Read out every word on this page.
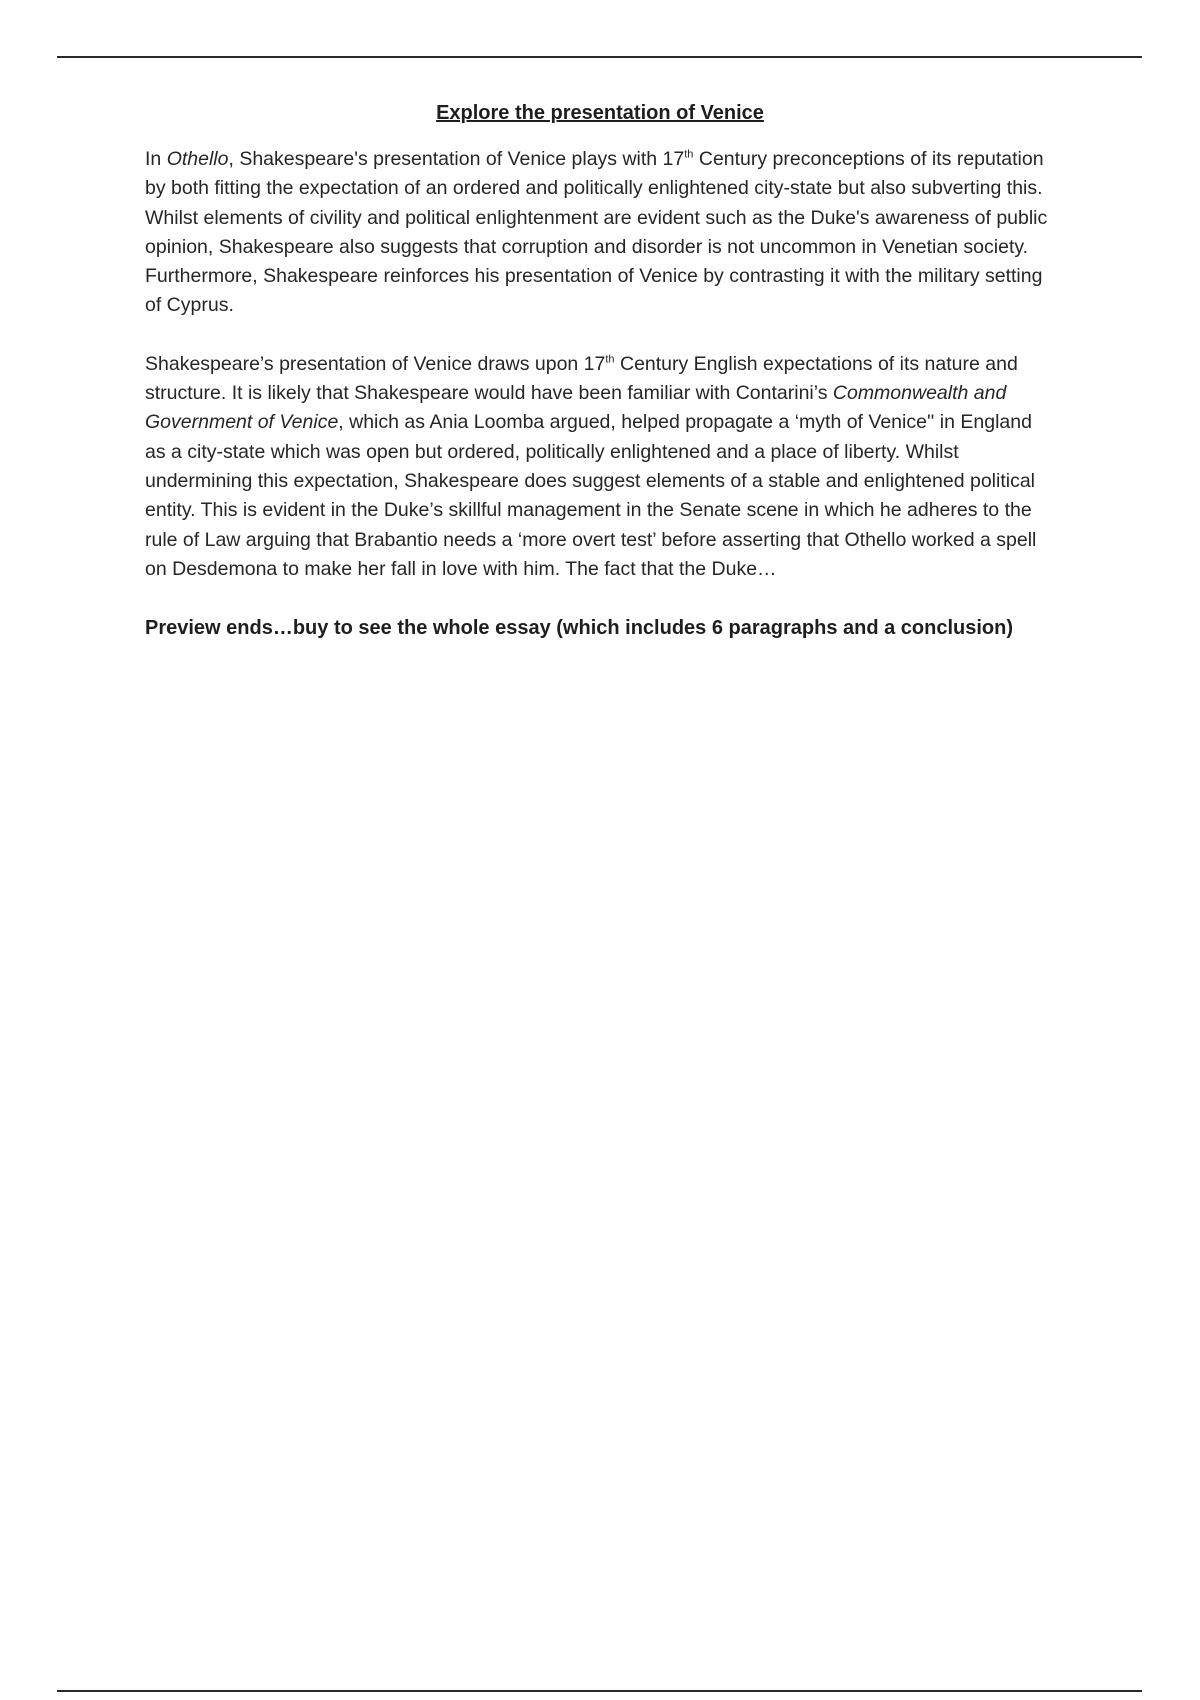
Explore the presentation of Venice

In Othello, Shakespeare's presentation of Venice plays with 17th Century preconceptions of its reputation by both fitting the expectation of an ordered and politically enlightened city-state but also subverting this. Whilst elements of civility and political enlightenment are evident such as the Duke's awareness of public opinion, Shakespeare also suggests that corruption and disorder is not uncommon in Venetian society. Furthermore, Shakespeare reinforces his presentation of Venice by contrasting it with the military setting of Cyprus.

Shakespeare’s presentation of Venice draws upon 17th Century English expectations of its nature and structure. It is likely that Shakespeare would have been familiar with Contarini’s Commonwealth and Government of Venice, which as Ania Loomba argued, helped propagate a ‘myth of Venice'' in England as a city-state which was open but ordered, politically enlightened and a place of liberty. Whilst undermining this expectation, Shakespeare does suggest elements of a stable and enlightened political entity. This is evident in the Duke’s skillful management in the Senate scene in which he adheres to the rule of Law arguing that Brabantio needs a ‘more overt test’ before asserting that Othello worked a spell on Desdemona to make her fall in love with him. The fact that the Duke…

Preview ends…buy to see the whole essay (which includes 6 paragraphs and a conclusion)
